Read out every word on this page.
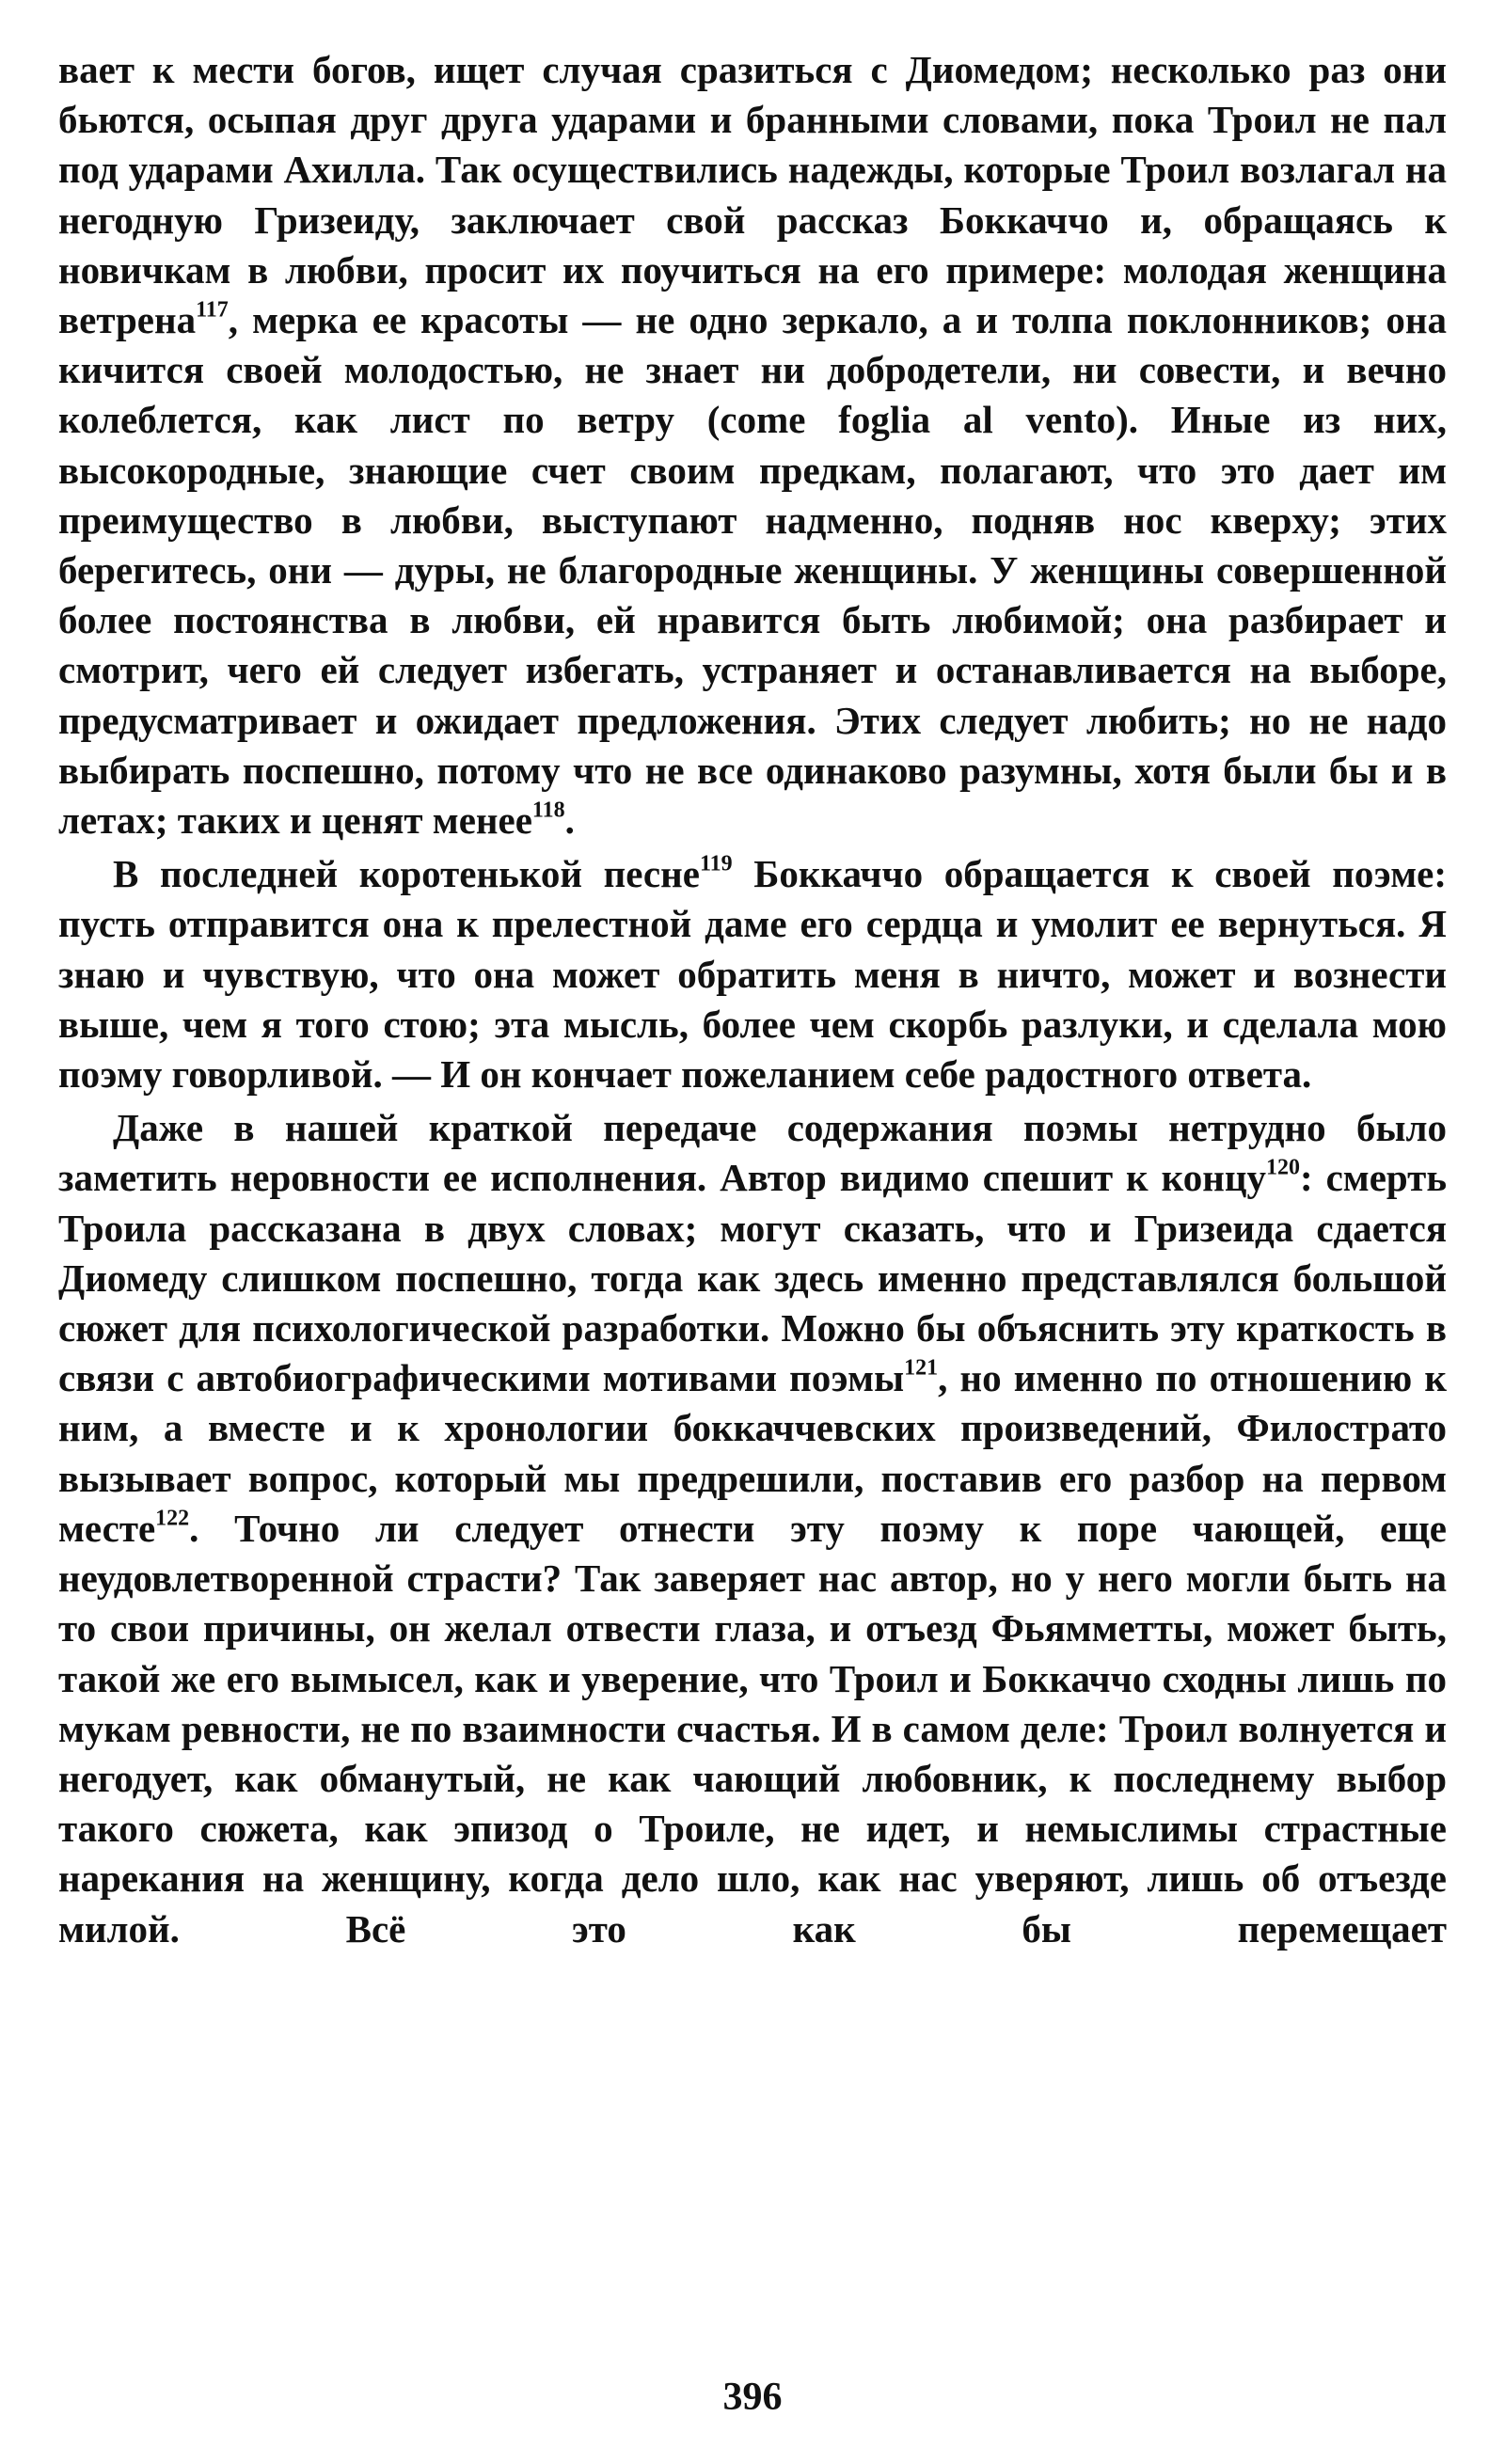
вает к мести богов, ищет случая сразиться с Диомедом; несколько раз они бьются, осыпая друг друга ударами и бранными словами, пока Троил не пал под ударами Ахилла. Так осуществились надежды, которые Троил возлагал на негодную Гризеиду, заключает свой рассказ Боккаччо и, обращаясь к новичкам в любви, просит их поучиться на его примере: молодая женщина ветрена$^{117}$, мерка ее красоты — не одно зеркало, а и толпа поклонников; она кичится своей молодостью, не знает ни добродетели, ни совести, и вечно колеблется, как лист по ветру (come foglia al vento). Иные из них, высокородные, знающие счет своим предкам, полагают, что это дает им преимущество в любви, выступают надменно, подняв нос кверху; этих берегитесь, они — дуры, не благородные женщины. У женщины совершенной более постоянства в любви, ей нравится быть любимой; она разбирает и смотрит, чего ей следует избегать, устраняет и останавливается на выборе, предусматривает и ожидает предложения. Этих следует любить; но не надо выбирать поспешно, потому что не все одинаково разумны, хотя были бы и в летах; таких и ценят менее$^{118}$.

В последней коротенькой песне$^{119}$ Боккаччо обращается к своей поэме: пусть отправится она к прелестной даме его сердца и умолит ее вернуться. Я знаю и чувствую, что она может обратить меня в ничто, может и вознести выше, чем я того стою; эта мысль, более чем скорбь разлуки, и сделала мою поэму говорливой. — И он кончает пожеланием себе радостного ответа.

Даже в нашей краткой передаче содержания поэмы нетрудно было заметить неровности ее исполнения. Автор видимо спешит к концу$^{120}$: смерть Троила рассказана в двух словах; могут сказать, что и Гризеида сдается Диомеду слишком поспешно, тогда как здесь именно представлялся большой сюжет для психологической разработки. Можно бы объяснить эту краткость в связи с автобиографическими мотивами поэмы$^{121}$, но именно по отношению к ним, а вместе и к хронологии боккаччевских произведений, Филострато вызывает вопрос, который мы предрешили, поставив его разбор на первом месте$^{122}$. Точно ли следует отнести эту поэму к поре чающей, еще неудовлетворенной страсти? Так заверяет нас автор, но у него могли быть на то свои причины, он желал отвести глаза, и отъезд Фьямметты, может быть, такой же его вымысел, как и уверение, что Троил и Боккаччо сходны лишь по мукам ревности, не по взаимности счастья. И в самом деле: Троил волнуется и негодует, как обманутый, не как чающий любовник, к последнему выбор такого сюжета, как эпизод о Троиле, не идет, и немыслимы страстные нарекания на женщину, когда дело шло, как нас уверяют, лишь об отъезде милой. Всё это как бы перемещает

396
